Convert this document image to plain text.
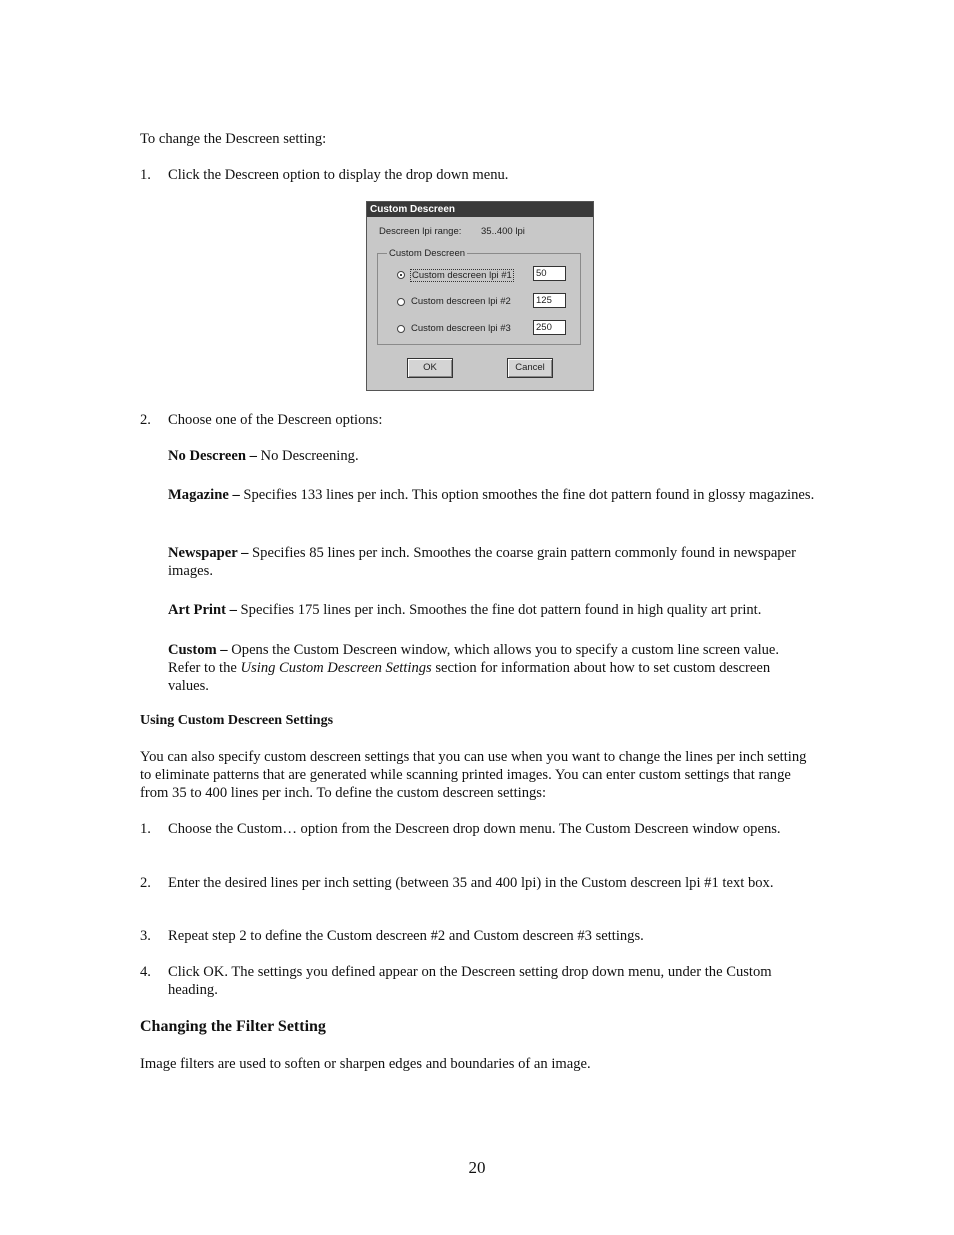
To change the Descreen setting:
1. Click the Descreen option to display the drop down menu.
Custom Descreen
Descreen lpi range: 35..400 lpi
Custom Descreen
Custom descreen lpi #1	50
Custom descreen lpi #2	125
Custom descreen lpi #3	250
OK	Cancel
2. Choose one of the Descreen options:
No Descreen – No Descreening.
Magazine – Specifies 133 lines per inch. This option smoothes the fine dot pattern found in glossy magazines.
Newspaper – Specifies 85 lines per inch. Smoothes the coarse grain pattern commonly found in newspaper images.
Art Print – Specifies 175 lines per inch. Smoothes the fine dot pattern found in high quality art print.
Custom – Opens the Custom Descreen window, which allows you to specify a custom line screen value. Refer to the Using Custom Descreen Settings section for information about how to set custom descreen values.
Using Custom Descreen Settings
You can also specify custom descreen settings that you can use when you want to change the lines per inch setting to eliminate patterns that are generated while scanning printed images. You can enter custom settings that range from 35 to 400 lines per inch. To define the custom descreen settings:
1. Choose the Custom… option from the Descreen drop down menu. The Custom Descreen window opens.
2. Enter the desired lines per inch setting (between 35 and 400 lpi) in the Custom descreen lpi #1 text box.
3. Repeat step 2 to define the Custom descreen #2 and Custom descreen #3 settings.
4. Click OK. The settings you defined appear on the Descreen setting drop down menu, under the Custom heading.
Changing the Filter Setting
Image filters are used to soften or sharpen edges and boundaries of an image.
20
